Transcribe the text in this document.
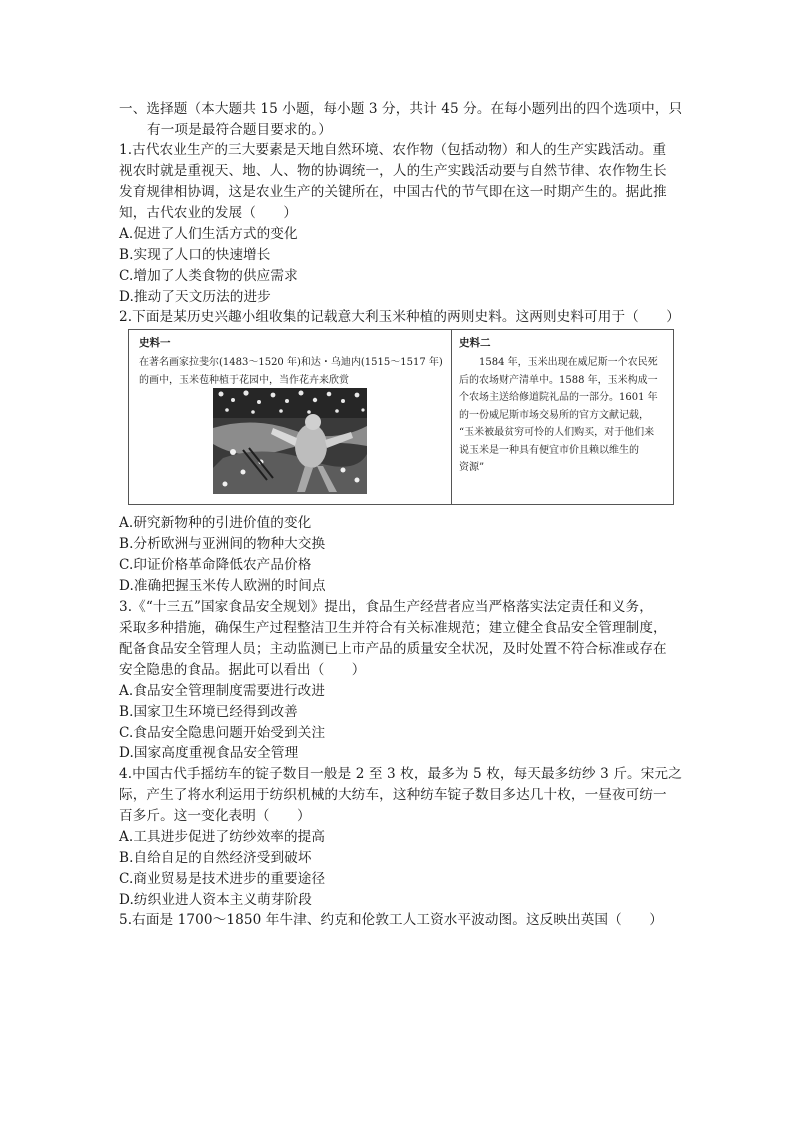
一、选择题（本大题共 15 小题，每小题 3 分，共计 45 分。在每小题列出的四个选项中，只
有一项是最符合题目要求的。）
1.古代农业生产的三大要素是天地自然环境、农作物（包括动物）和人的生产实践活动。重
视农时就是重视天、地、人、物的协调统一，人的生产实践活动要与自然节律、农作物生长
发育规律相协调，这是农业生产的关键所在，中国古代的节气即在这一时期产生的。据此推
知，古代农业的发展（　　）
A.促进了人们生活方式的变化
B.实现了人口的快速增长
C.增加了人类食物的供应需求
D.推动了天文历法的进步
2.下面是某历史兴趣小组收集的记载意大利玉米种植的两则史料。这两则史料可用于（　　）
史料一
在著名画家拉斐尔(1483～1520 年)和达・乌迪内(1515～1517 年)
的画中，玉米苞种植于花园中，当作花卉来欣赏
史料二
　　1584 年，玉米出现在威尼斯一个农民死
后的农场财产清单中。1588 年，玉米构成一
个农场主送给修道院礼品的一部分。1601 年
的一份威尼斯市场交易所的官方文献记载，
“玉米被最贫穷可怜的人们购买，对于他们来
说玉米是一种具有便宜市价且赖以维生的
资源”
A.研究新物种的引进价值的变化
B.分析欧洲与亚洲间的物种大交换
C.印证价格革命降低农产品价格
D.准确把握玉米传人欧洲的时间点
3.《“十三五”国家食品安全规划》提出，食品生产经营者应当严格落实法定责任和义务，
采取多种措施，确保生产过程整洁卫生并符合有关标准规范；建立健全食品安全管理制度，
配备食品安全管理人员；主动监测已上市产品的质量安全状况，及时处置不符合标准或存在
安全隐患的食品。据此可以看出（　　）
A.食品安全管理制度需要进行改进
B.国家卫生环境已经得到改善
C.食品安全隐患问题开始受到关注
D.国家高度重视食品安全管理
4.中国古代手摇纺车的锭子数目一般是 2 至 3 枚，最多为 5 枚，每天最多纺纱 3 斤。宋元之
际，产生了将水利运用于纺织机械的大纺车，这种纺车锭子数目多达几十枚，一昼夜可纺一
百多斤。这一变化表明（　　）
A.工具进步促进了纺纱效率的提高
B.自给自足的自然经济受到破坏
C.商业贸易是技术进步的重要途径
D.纺织业进人资本主义萌芽阶段
5.右面是 1700～1850 年牛津、约克和伦敦工人工资水平波动图。这反映出英国（　　）
